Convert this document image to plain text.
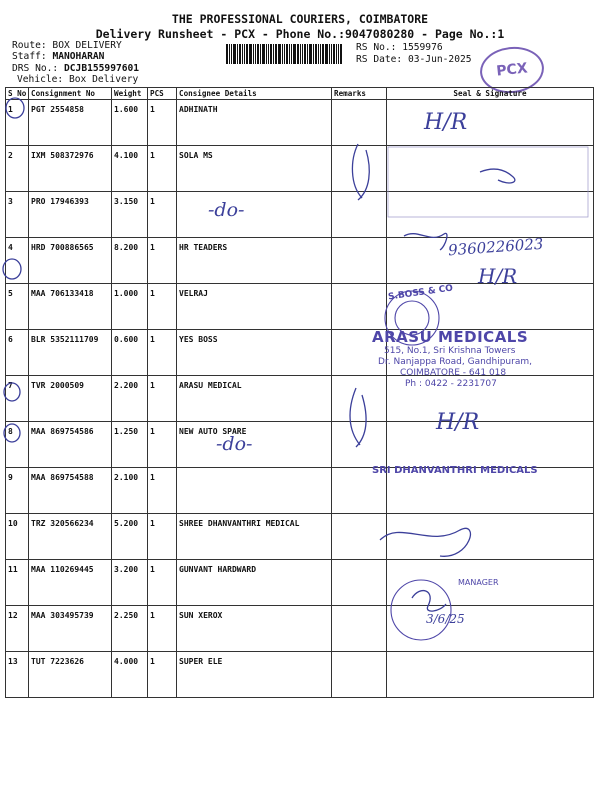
THE PROFESSIONAL COURIERS, COIMBATORE
Delivery Runsheet - PCX - Phone No.:9047080280 - Page No.:1
Route: BOX DELIVERY
Staff: MANOHARAN
DRS No.: DCJB155997601
Vehicle: Box Delivery
RS No.: 1559976
RS Date: 03-Jun-2025
PCX
S No	Consignment No	Weight	PCS	Consignee Details	Remarks	Seal & Signature
1	PGT 2554858	1.600	1	ADHINATH		
2	IXM 508372976	4.100	1	SOLA MS		
3	PRO 17946393	3.150	1			
4	HRD 700886565	8.200	1	HR TEADERS		
5	MAA 706133418	1.000	1	VELRAJ		
6	BLR 5352111709	0.600	1	YES BOSS		
7	TVR 2000509	2.200	1	ARASU MEDICAL		
8	MAA 869754586	1.250	1	NEW AUTO SPARE		
9	MAA 869754588	2.100	1			
10	TRZ 320566234	5.200	1	SHREE DHANVANTHRI MEDICAL		
11	MAA 110269445	3.200	1	GUNVANT HARDWARD		
12	MAA 303495739	2.250	1	SUN XEROX		
13	TUT 7223626	4.000	1	SUPER ELE		
H/R
-do-
9360226023
H/R
H/R
-do-
3/6/25
S.BOSS & CO
ARASU MEDICALS
515, No.1, Sri Krishna Towers
Dr. Nanjappa Road, Gandhipuram,
COIMBATORE - 641 018
Ph : 0422 - 2231707
SRI DHANVANTHRI MEDICALS
MANAGER
